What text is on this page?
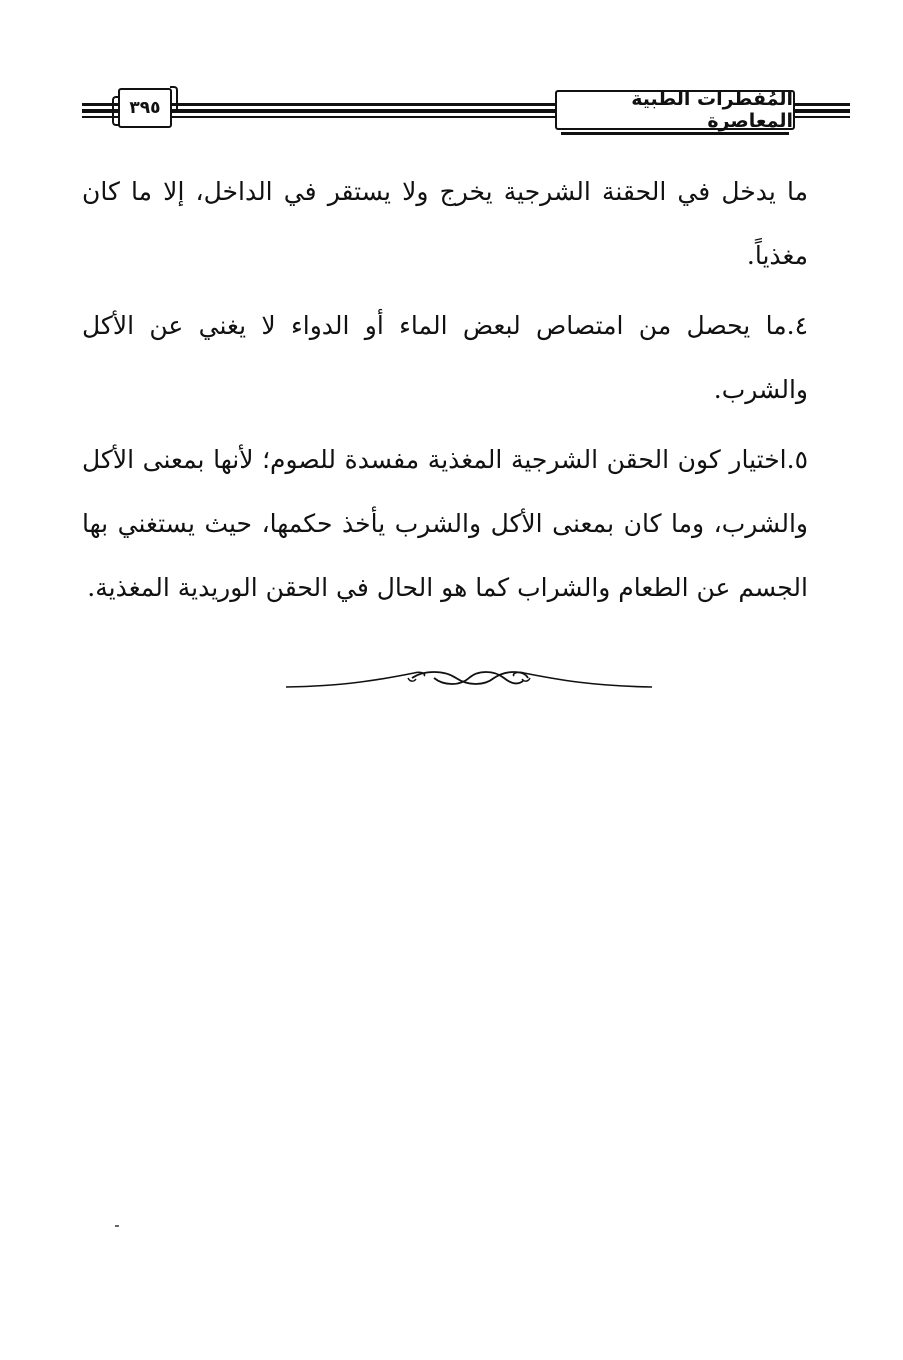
٣٩٥	المُفطرات الطبية المعاصرة

ما يدخل في الحقنة الشرجية يخرج ولا يستقر في الداخل، إلا ما كان مغذياً.

٤.ما يحصل من امتصاص لبعض الماء أو الدواء لا يغني عن الأكل والشرب.

٥.اختيار كون الحقن الشرجية المغذية مفسدة للصوم؛ لأنها بمعنى الأكل والشرب، وما كان بمعنى الأكل والشرب يأخذ حكمها، حيث يستغني بها الجسم عن الطعام والشراب كما هو الحال في الحقن الوريدية المغذية.
